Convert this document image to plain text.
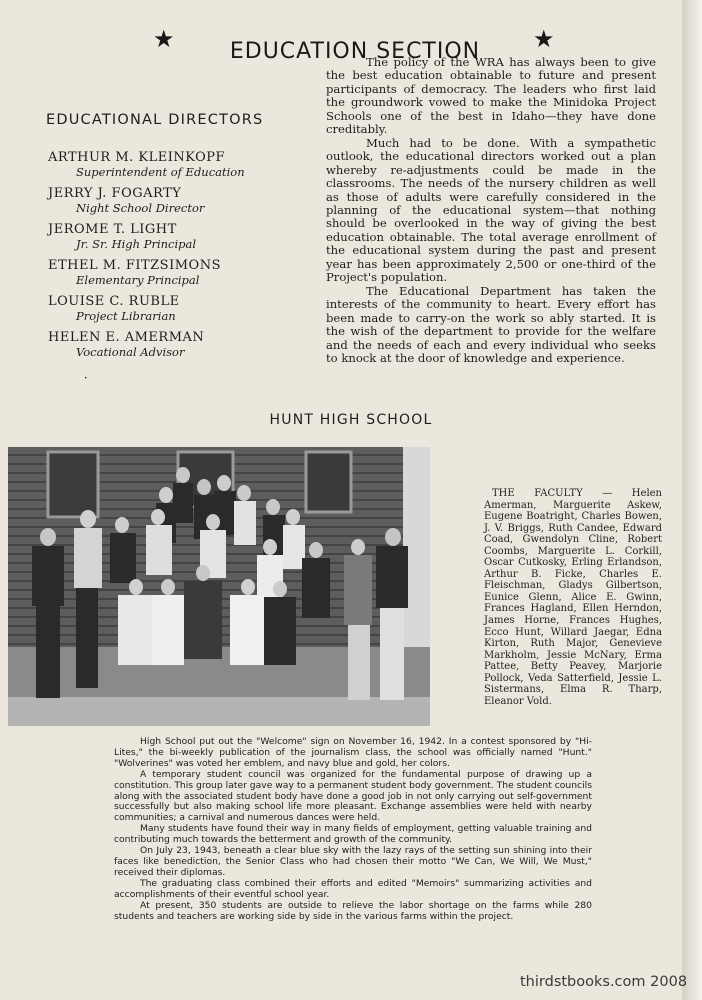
★	EDUCATION SECTION	★
EDUCATIONAL DIRECTORS
ARTHUR M. KLEINKOPF
Superintendent of Education
JERRY J. FOGARTY
Night School Director
JEROME T. LIGHT
Jr. Sr. High Principal
ETHEL M. FITZSIMONS
Elementary Principal
LOUISE C. RUBLE
Project Librarian
HELEN E. AMERMAN
Vocational Advisor
‧

The policy of the WRA has always been to give the best education obtainable to future and present participants of democracy. The leaders who first laid the groundwork vowed to make the Minidoka Project Schools one of the best in Idaho—they have done creditably.

Much had to be done. With a sympathetic outlook, the educational directors worked out a plan whereby re-adjustments could be made in the classrooms. The needs of the nursery children as well as those of adults were carefully considered in the planning of the educational system—that nothing should be overlooked in the way of giving the best education obtainable. The total average enrollment of the educational system during the past and present year has been approximately 2,500 or one-third of the Project's population.

The Educational Department has taken the interests of the community to heart. Every effort has been made to carry-on the work so ably started. It is the wish of the department to provide for the welfare and the needs of each and every individual who seeks to knock at the door of knowledge and experience.

HUNT HIGH SCHOOL

THE FACULTY — Helen Amerman, Marguerite Askew, Eugene Boatright, Charles Bowen, J. V. Briggs, Ruth Candee, Edward Coad, Gwendolyn Cline, Robert Coombs, Marguerite L. Corkill, Oscar Cutkosky, Erling Erlandson, Arthur B. Ficke, Charles E. Fleischman, Gladys Gilbertson, Eunice Glenn, Alice E. Gwinn, Frances Hagland, Ellen Herndon, James Horne, Frances Hughes, Ecco Hunt, Willard Jaegar, Edna Kirton, Ruth Major, Genevieve Markholm, Jessie McNary, Erma Pattee, Betty Peavey, Marjorie Pollock, Veda Satterfield, Jessie L. Sistermans, Elma R. Tharp, Eleanor Vold.

High School put out the "Welcome" sign on November 16, 1942. In a contest sponsored by "Hi-Lites," the bi-weekly publication of the journalism class, the school was officially named "Hunt." "Wolverines" was voted her emblem, and navy blue and gold, her colors.

A temporary student council was organized for the fundamental purpose of drawing up a constitution. This group later gave way to a permanent student body government. The student councils along with the associated student body have done a good job in not only carrying out self-government successfully but also making school life more pleasant. Exchange assemblies were held with nearby communities; a carnival and numerous dances were held.

Many students have found their way in many fields of employment, getting valuable training and contributing much towards the betterment and growth of the community.

On July 23, 1943, beneath a clear blue sky with the lazy rays of the setting sun shining into their faces like benediction, the Senior Class who had chosen their motto "We Can, We Will, We Must," received their diplomas.

The graduating class combined their efforts and edited "Memoirs" summarizing activities and accomplishments of their eventful school year.

At present, 350 students are outside to relieve the labor shortage on the farms while 280 students and teachers are working side by side in the various farms within the project.

thirdstbooks.com 2008
